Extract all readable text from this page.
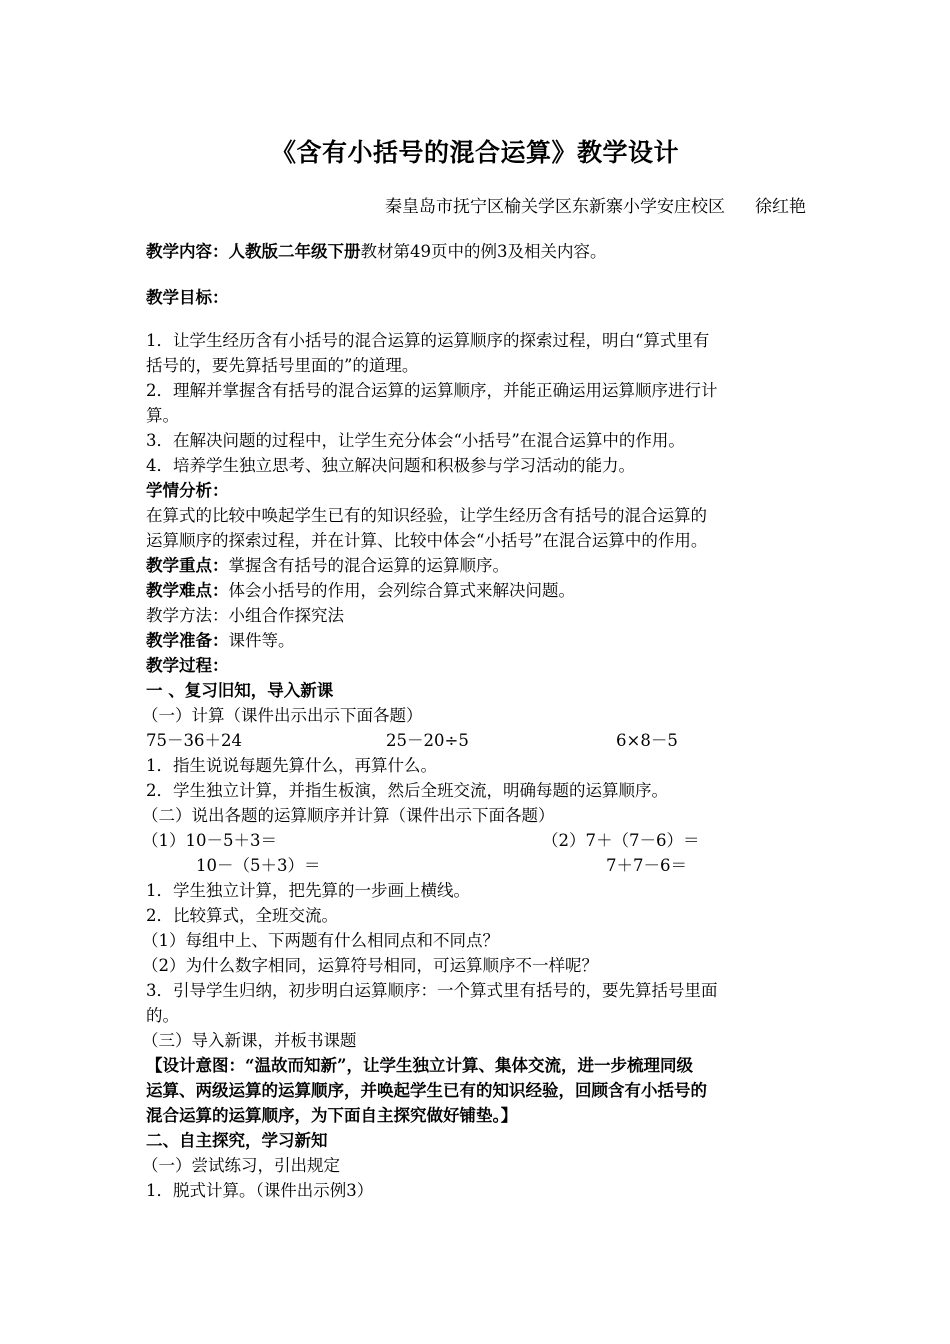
《含有小括号的混合运算》教学设计
秦皇岛市抚宁区榆关学区东新寨小学安庄校区 徐红艳
教学内容：人教版二年级下册教材第49页中的例3及相关内容。
教学目标：
1．让学生经历含有小括号的混合运算的运算顺序的探索过程，明白“算式里有
括号的，要先算括号里面的”的道理。
2．理解并掌握含有括号的混合运算的运算顺序，并能正确运用运算顺序进行计
算。
3．在解决问题的过程中，让学生充分体会“小括号”在混合运算中的作用。
4．培养学生独立思考、独立解决问题和积极参与学习活动的能力。
学情分析：
在算式的比较中唤起学生已有的知识经验，让学生经历含有括号的混合运算的
运算顺序的探索过程，并在计算、比较中体会“小括号”在混合运算中的作用。
教学重点：掌握含有括号的混合运算的运算顺序。
教学难点：体会小括号的作用，会列综合算式来解决问题。
教学方法：小组合作探究法
教学准备：课件等。
教学过程：
一 、复习旧知，导入新课
（一）计算（课件出示出示下面各题）
75－36＋24	25－20÷5	6×8－5
1．指生说说每题先算什么，再算什么。
2．学生独立计算，并指生板演，然后全班交流，明确每题的运算顺序。
（二）说出各题的运算顺序并计算（课件出示下面各题）
（1）10－5＋3＝	（2）7＋（7－6）＝
10－（5＋3）＝	7＋7－6＝
1．学生独立计算，把先算的一步画上横线。
2．比较算式，全班交流。
（1）每组中上、下两题有什么相同点和不同点？
（2）为什么数字相同，运算符号相同，可运算顺序不一样呢？
3．引导学生归纳，初步明白运算顺序：一个算式里有括号的，要先算括号里面
的。
（三）导入新课，并板书课题
【设计意图：“温故而知新”，让学生独立计算、集体交流，进一步梳理同级
运算、两级运算的运算顺序，并唤起学生已有的知识经验，回顾含有小括号的
混合运算的运算顺序，为下面自主探究做好铺垫。】
二、自主探究，学习新知
（一）尝试练习，引出规定
1．脱式计算。（课件出示例3）
